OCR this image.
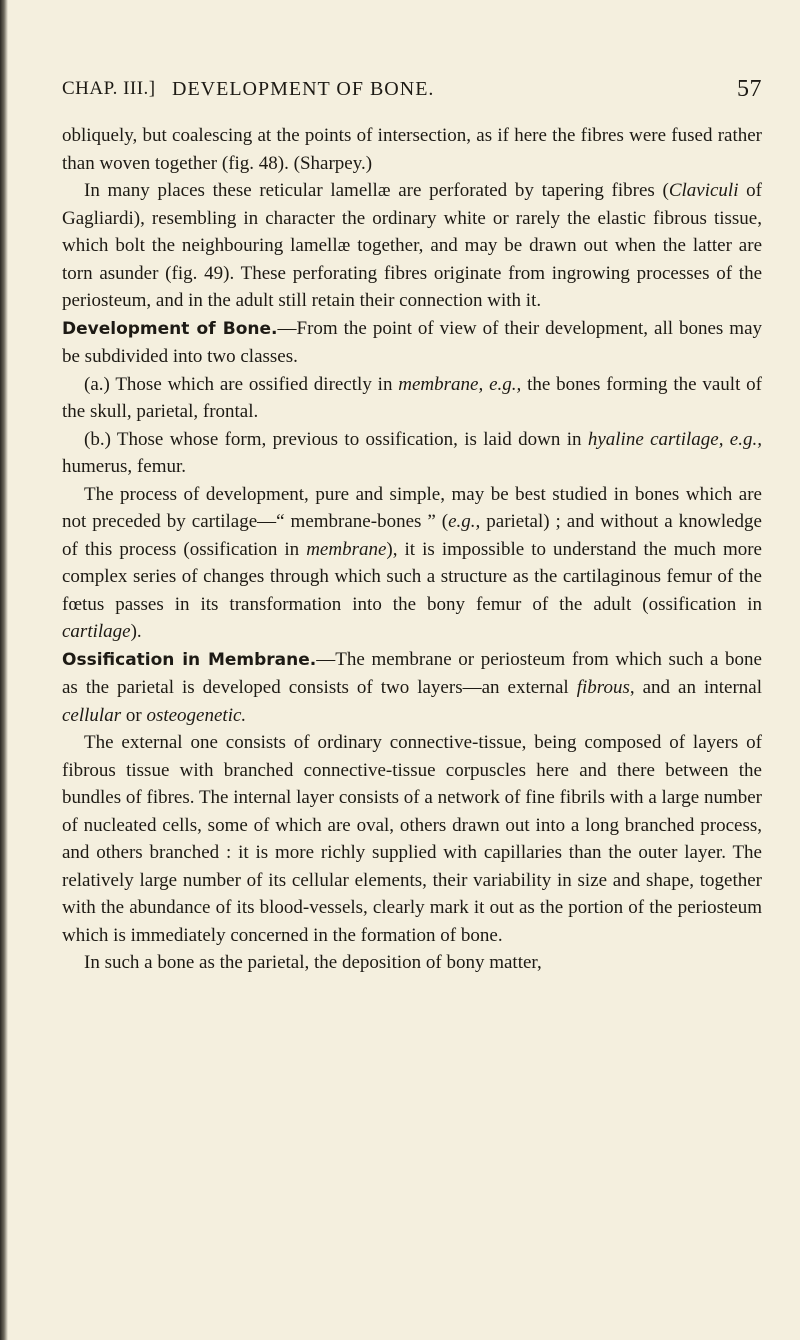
CHAP. III.] DEVELOPMENT OF BONE.	57

obliquely, but coalescing at the points of intersection, as if here the fibres were fused rather than woven together (fig. 48). (Sharpey.)

In many places these reticular lamellæ are perforated by tapering fibres (Claviculi of Gagliardi), resembling in character the ordinary white or rarely the elastic fibrous tissue, which bolt the neighbouring lamellæ together, and may be drawn out when the latter are torn asunder (fig. 49). These perforating fibres originate from ingrowing processes of the periosteum, and in the adult still retain their connection with it.

Development of Bone.—From the point of view of their development, all bones may be subdivided into two classes.

(a.) Those which are ossified directly in membrane, e.g., the bones forming the vault of the skull, parietal, frontal.

(b.) Those whose form, previous to ossification, is laid down in hyaline cartilage, e.g., humerus, femur.

The process of development, pure and simple, may be best studied in bones which are not preceded by cartilage—“ membrane-bones ” (e.g., parietal) ; and without a knowledge of this process (ossification in membrane), it is impossible to understand the much more complex series of changes through which such a structure as the cartilaginous femur of the fœtus passes in its transformation into the bony femur of the adult (ossification in cartilage).

Ossification in Membrane.—The membrane or periosteum from which such a bone as the parietal is developed consists of two layers—an external fibrous, and an internal cellular or osteogenetic.

The external one consists of ordinary connective-tissue, being composed of layers of fibrous tissue with branched connective-tissue corpuscles here and there between the bundles of fibres. The internal layer consists of a network of fine fibrils with a large number of nucleated cells, some of which are oval, others drawn out into a long branched process, and others branched : it is more richly supplied with capillaries than the outer layer. The relatively large number of its cellular elements, their variability in size and shape, together with the abundance of its blood-vessels, clearly mark it out as the portion of the periosteum which is immediately concerned in the formation of bone.

In such a bone as the parietal, the deposition of bony matter,
